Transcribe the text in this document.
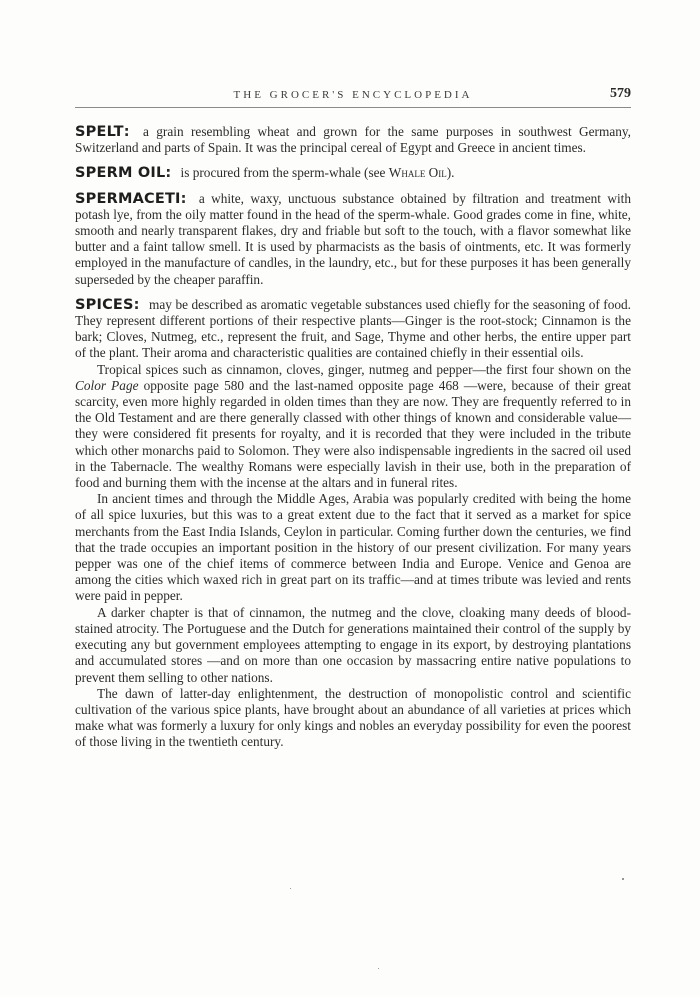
THE GROCER'S ENCYCLOPEDIA	579

SPELT: a grain resembling wheat and grown for the same purposes in southwest Germany, Switzerland and parts of Spain. It was the principal cereal of Egypt and Greece in ancient times.

SPERM OIL: is procured from the sperm-whale (see Whale Oil).

SPERMACETI: a white, waxy, unctuous substance obtained by filtration and treatment with potash lye, from the oily matter found in the head of the sperm-whale. Good grades come in fine, white, smooth and nearly transparent flakes, dry and friable but soft to the touch, with a flavor somewhat like butter and a faint tallow smell. It is used by pharmacists as the basis of ointments, etc. It was formerly employed in the manufacture of candles, in the laundry, etc., but for these purposes it has been generally superseded by the cheaper paraffin.

SPICES: may be described as aromatic vegetable substances used chiefly for the seasoning of food. They represent different portions of their respective plants—Ginger is the root-stock; Cinnamon is the bark; Cloves, Nutmeg, etc., represent the fruit, and Sage, Thyme and other herbs, the entire upper part of the plant. Their aroma and characteristic qualities are contained chiefly in their essential oils.

Tropical spices such as cinnamon, cloves, ginger, nutmeg and pepper—the first four shown on the Color Page opposite page 580 and the last-named opposite page 468 —were, because of their great scarcity, even more highly regarded in olden times than they are now. They are frequently referred to in the Old Testament and are there generally classed with other things of known and considerable value—they were considered fit presents for royalty, and it is recorded that they were included in the tribute which other monarchs paid to Solomon. They were also indispensable ingredients in the sacred oil used in the Tabernacle. The wealthy Romans were especially lavish in their use, both in the preparation of food and burning them with the incense at the altars and in funeral rites.

In ancient times and through the Middle Ages, Arabia was popularly credited with being the home of all spice luxuries, but this was to a great extent due to the fact that it served as a market for spice merchants from the East India Islands, Ceylon in particular. Coming further down the centuries, we find that the trade occupies an important position in the history of our present civilization. For many years pepper was one of the chief items of commerce between India and Europe. Venice and Genoa are among the cities which waxed rich in great part on its traffic—and at times tribute was levied and rents were paid in pepper.

A darker chapter is that of cinnamon, the nutmeg and the clove, cloaking many deeds of blood-stained atrocity. The Portuguese and the Dutch for generations maintained their control of the supply by executing any but government employees attempting to engage in its export, by destroying plantations and accumulated stores —and on more than one occasion by massacring entire native populations to prevent them selling to other nations.

The dawn of latter-day enlightenment, the destruction of monopolistic control and scientific cultivation of the various spice plants, have brought about an abundance of all varieties at prices which make what was formerly a luxury for only kings and nobles an everyday possibility for even the poorest of those living in the twentieth century.
